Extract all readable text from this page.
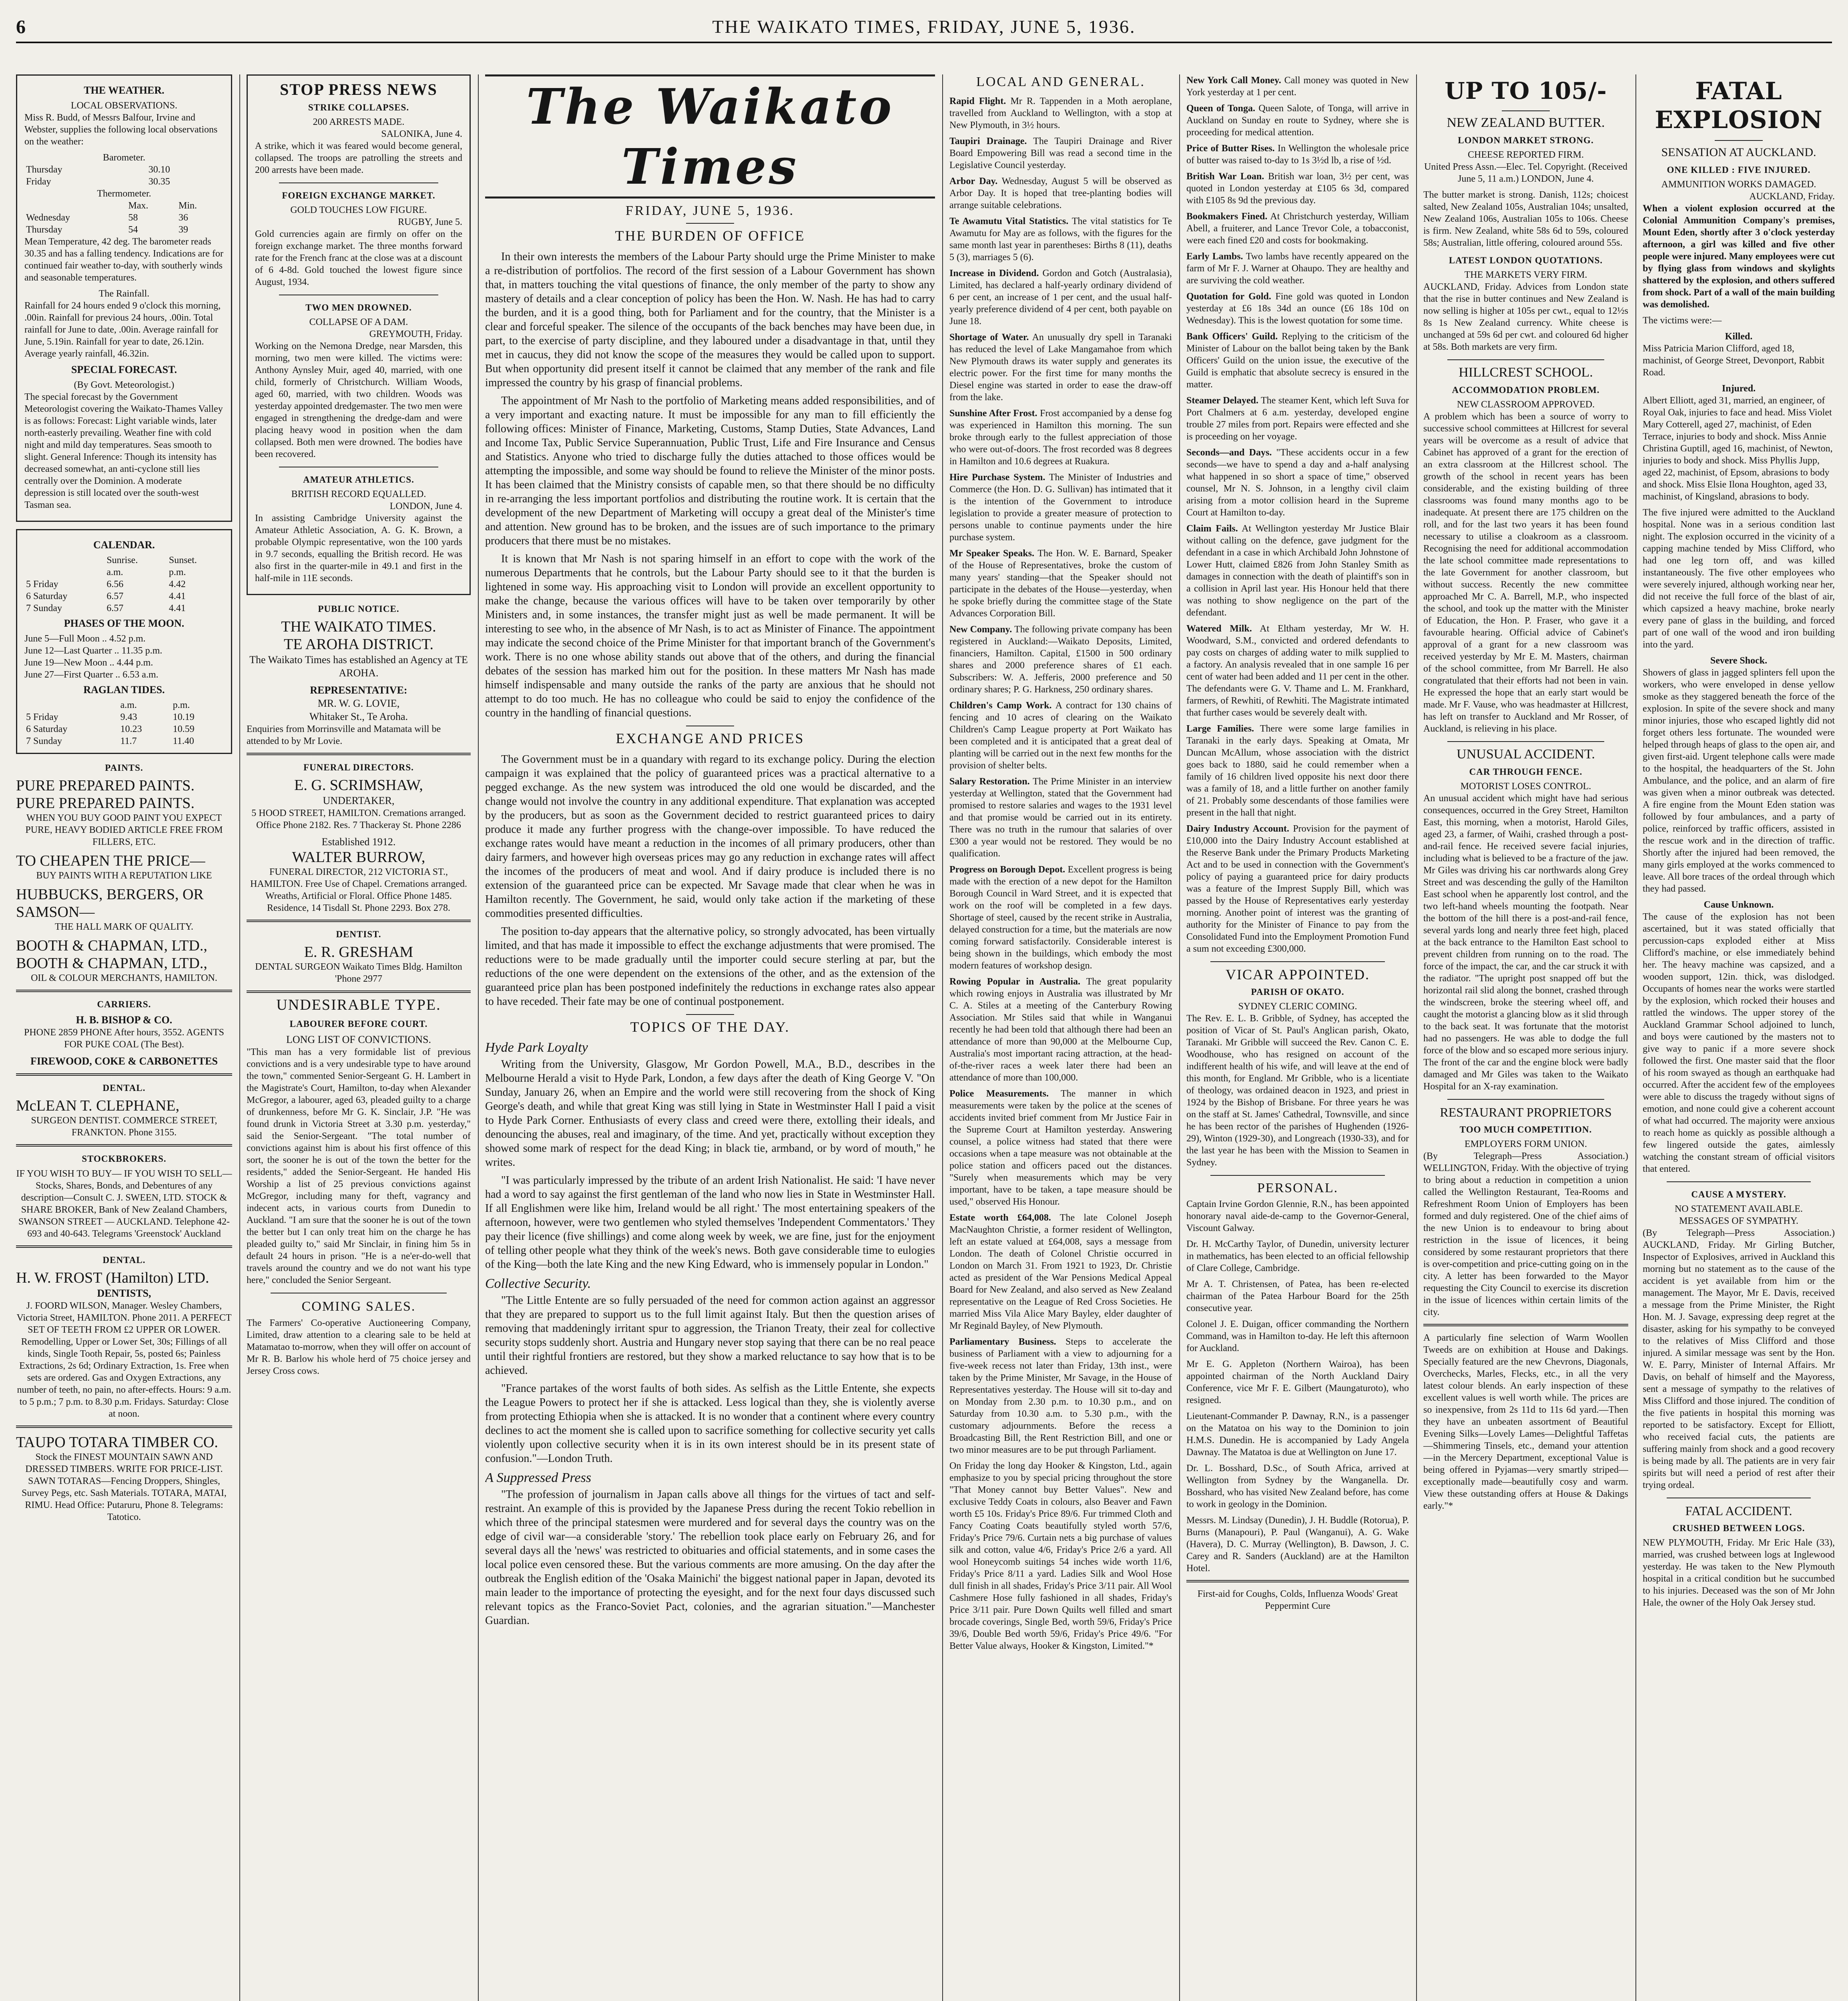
6	THE WAIKATO TIMES, FRIDAY, JUNE 5, 1936.
THE WEATHER.
LOCAL OBSERVATIONS.

Miss R. Budd, of Messrs Balfour, Irvine and Webster, supplies the following local observations on the weather:

Barometer.
Thursday	30.10
Friday	30.35
Thermometer.
	Max.	Min.
Wednesday	58	36
Thursday	54	39

Mean Temperature, 42 deg. The barometer reads 30.35 and has a falling tendency. Indications are for continued fair weather to-day, with southerly winds and seasonable temperatures.

The Rainfall.

Rainfall for 24 hours ended 9 o'clock this morning, .00in. Rainfall for previous 24 hours, .00in. Total rainfall for June to date, .00in. Average rainfall for June, 5.19in. Rainfall for year to date, 26.12in. Average yearly rainfall, 46.32in.

SPECIAL FORECAST.
(By Govt. Meteorologist.)

The special forecast by the Government Meteorologist covering the Waikato-Thames Valley is as follows: Forecast: Light variable winds, later north-easterly prevailing. Weather fine with cold night and mild day temperatures. Seas smooth to slight. General Inference: Though its intensity has decreased somewhat, an anti-cyclone still lies centrally over the Dominion. A moderate depression is still located over the south-west Tasman sea.

CALENDAR.
	Sunrise.	Sunset.
	a.m.	p.m.
5 Friday	6.56	4.42
6 Saturday	6.57	4.41
7 Sunday	6.57	4.41
PHASES OF THE MOON.
June 5—Full Moon .. 4.52 p.m.
June 12—Last Quarter .. 11.35 p.m.
June 19—New Moon .. 4.44 p.m.
June 27—First Quarter .. 6.53 a.m.
RAGLAN TIDES.
	a.m.	p.m.
5 Friday	9.43	10.19
6 Saturday	10.23	10.59
7 Sunday	11.7	11.40
PAINTS.
PURE PREPARED PAINTS.
PURE PREPARED PAINTS.

WHEN YOU BUY GOOD PAINT YOU EXPECT PURE, HEAVY BODIED ARTICLE FREE FROM FILLERS, ETC.

TO CHEAPEN THE PRICE—

BUY PAINTS WITH A REPUTATION LIKE

HUBBUCKS, BERGERS, OR SAMSON—

THE HALL MARK OF QUALITY.

BOOTH & CHAPMAN, LTD.,
BOOTH & CHAPMAN, LTD.,

OIL & COLOUR MERCHANTS, HAMILTON.

CARRIERS.
H. B. BISHOP & CO.

PHONE 2859 PHONE After hours, 3552. AGENTS FOR PUKE COAL (The Best).

FIREWOOD, COKE & CARBONETTES
DENTAL.
McLEAN T. CLEPHANE,

SURGEON DENTIST. COMMERCE STREET, FRANKTON. Phone 3155.

STOCKBROKERS.

IF YOU WISH TO BUY— IF YOU WISH TO SELL— Stocks, Shares, Bonds, and Debentures of any description—Consult C. J. SWEEN, LTD. STOCK & SHARE BROKER, Bank of New Zealand Chambers, SWANSON STREET — AUCKLAND. Telephone 42-693 and 40-643. Telegrams 'Greenstock' Auckland

DENTAL.
H. W. FROST (Hamilton) LTD.
DENTISTS,

J. FOORD WILSON, Manager. Wesley Chambers, Victoria Street, HAMILTON. Phone 2011. A PERFECT SET OF TEETH FROM £2 UPPER OR LOWER. Remodelling, Upper or Lower Set, 30s; Fillings of all kinds, Single Tooth Repair, 5s, posted 6s; Painless Extractions, 2s 6d; Ordinary Extraction, 1s. Free when sets are ordered. Gas and Oxygen Extractions, any number of teeth, no pain, no after-effects. Hours: 9 a.m. to 5 p.m.; 7 p.m. to 8.30 p.m. Fridays. Saturday: Close at noon.

TAUPO TOTARA TIMBER CO.

Stock the FINEST MOUNTAIN SAWN AND DRESSED TIMBERS. WRITE FOR PRICE-LIST. SAWN TOTARAS—Fencing Droppers, Shingles, Survey Pegs, etc. Sash Materials. TOTARA, MATAI, RIMU. Head Office: Putaruru, Phone 8. Telegrams: Tatotico.

STOP PRESS NEWS
STRIKE COLLAPSES.
200 ARRESTS MADE.
SALONIKA, June 4.

A strike, which it was feared would become general, collapsed. The troops are patrolling the streets and 200 arrests have been made.

FOREIGN EXCHANGE MARKET.
GOLD TOUCHES LOW FIGURE.
RUGBY, June 5.

Gold currencies again are firmly on offer on the foreign exchange market. The three months forward rate for the French franc at the close was at a discount of 6 4-8d. Gold touched the lowest figure since August, 1934.

TWO MEN DROWNED.
COLLAPSE OF A DAM.
GREYMOUTH, Friday.

Working on the Nemona Dredge, near Marsden, this morning, two men were killed. The victims were: Anthony Aynsley Muir, aged 40, married, with one child, formerly of Christchurch. William Woods, aged 60, married, with two children. Woods was yesterday appointed dredgemaster. The two men were engaged in strengthening the dredge-dam and were placing heavy wood in position when the dam collapsed. Both men were drowned. The bodies have been recovered.

AMATEUR ATHLETICS.
BRITISH RECORD EQUALLED.
LONDON, June 4.

In assisting Cambridge University against the Amateur Athletic Association, A. G. K. Brown, a probable Olympic representative, won the 100 yards in 9.7 seconds, equalling the British record. He was also first in the quarter-mile in 49.1 and first in the half-mile in 11E seconds.

PUBLIC NOTICE.
THE WAIKATO TIMES.
TE AROHA DISTRICT.

The Waikato Times has established an Agency at TE AROHA.

REPRESENTATIVE:
MR. W. G. LOVIE,
Whitaker St., Te Aroha.

Enquiries from Morrinsville and Matamata will be attended to by Mr Lovie.

FUNERAL DIRECTORS.
E. G. SCRIMSHAW,
UNDERTAKER,

5 HOOD STREET, HAMILTON. Cremations arranged. Office Phone 2182. Res. 7 Thackeray St. Phone 2286

Established 1912.
WALTER BURROW,

FUNERAL DIRECTOR, 212 VICTORIA ST., HAMILTON. Free Use of Chapel. Cremations arranged. Wreaths, Artificial or Floral. Office Phone 1485. Residence, 14 Tisdall St. Phone 2293. Box 278.

DENTIST.
E. R. GRESHAM

DENTAL SURGEON Waikato Times Bldg. Hamilton 'Phone 2977

UNDESIRABLE TYPE.
LABOURER BEFORE COURT.
LONG LIST OF CONVICTIONS.

"This man has a very formidable list of previous convictions and is a very undesirable type to have around the town," commented Senior-Sergeant G. H. Lambert in the Magistrate's Court, Hamilton, to-day when Alexander McGregor, a labourer, aged 63, pleaded guilty to a charge of drunkenness, before Mr G. K. Sinclair, J.P. "He was found drunk in Victoria Street at 3.30 p.m. yesterday," said the Senior-Sergeant. "The total number of convictions against him is about his first offence of this sort, the sooner he is out of the town the better for the residents," added the Senior-Sergeant. He handed His Worship a list of 25 previous convictions against McGregor, including many for theft, vagrancy and indecent acts, in various courts from Dunedin to Auckland. "I am sure that the sooner he is out of the town the better but I can only treat him on the charge he has pleaded guilty to," said Mr Sinclair, in fining him 5s in default 24 hours in prison. "He is a ne'er-do-well that travels around the country and we do not want his type here," concluded the Senior Sergeant.

COMING SALES.

The Farmers' Co-operative Auctioneering Company, Limited, draw attention to a clearing sale to be held at Matamatao to-morrow, when they will offer on account of Mr R. B. Barlow his whole herd of 75 choice jersey and Jersey Cross cows.

The Waikato Times
FRIDAY, JUNE 5, 1936.
THE BURDEN OF OFFICE

In their own interests the members of the Labour Party should urge the Prime Minister to make a re-distribution of portfolios. The record of the first session of a Labour Government has shown that, in matters touching the vital questions of finance, the only member of the party to show any mastery of details and a clear conception of policy has been the Hon. W. Nash. He has had to carry the burden, and it is a good thing, both for Parliament and for the country, that the Minister is a clear and forceful speaker. The silence of the occupants of the back benches may have been due, in part, to the exercise of party discipline, and they laboured under a disadvantage in that, until they met in caucus, they did not know the scope of the measures they would be called upon to support. But when opportunity did present itself it cannot be claimed that any member of the rank and file impressed the country by his grasp of financial problems.

The appointment of Mr Nash to the portfolio of Marketing means added responsibilities, and of a very important and exacting nature. It must be impossible for any man to fill efficiently the following offices: Minister of Finance, Marketing, Customs, Stamp Duties, State Advances, Land and Income Tax, Public Service Superannuation, Public Trust, Life and Fire Insurance and Census and Statistics. Anyone who tried to discharge fully the duties attached to those offices would be attempting the impossible, and some way should be found to relieve the Minister of the minor posts. It has been claimed that the Ministry consists of capable men, so that there should be no difficulty in re-arranging the less important portfolios and distributing the routine work. It is certain that the development of the new Department of Marketing will occupy a great deal of the Minister's time and attention. New ground has to be broken, and the issues are of such importance to the primary producers that there must be no mistakes.

It is known that Mr Nash is not sparing himself in an effort to cope with the work of the numerous Departments that he controls, but the Labour Party should see to it that the burden is lightened in some way. His approaching visit to London will provide an excellent opportunity to make the change, because the various offices will have to be taken over temporarily by other Ministers and, in some instances, the transfer might just as well be made permanent. It will be interesting to see who, in the absence of Mr Nash, is to act as Minister of Finance. The appointment may indicate the second choice of the Prime Minister for that important branch of the Government's work. There is no one whose ability stands out above that of the others, and during the financial debates of the session has marked him out for the position. In these matters Mr Nash has made himself indispensable and many outside the ranks of the party are anxious that he should not attempt to do too much. He has no colleague who could be said to enjoy the confidence of the country in the handling of financial questions.

EXCHANGE AND PRICES

The Government must be in a quandary with regard to its exchange policy. During the election campaign it was explained that the policy of guaranteed prices was a practical alternative to a pegged exchange. As the new system was introduced the old one would be discarded, and the change would not involve the country in any additional expenditure. That explanation was accepted by the producers, but as soon as the Government decided to restrict guaranteed prices to dairy produce it made any further progress with the change-over impossible. To have reduced the exchange rates would have meant a reduction in the incomes of all primary producers, other than dairy farmers, and however high overseas prices may go any reduction in exchange rates will affect the incomes of the producers of meat and wool. And if dairy produce is included there is no extension of the guaranteed price can be expected. Mr Savage made that clear when he was in Hamilton recently. The Government, he said, would only take action if the marketing of these commodities presented difficulties.

The position to-day appears that the alternative policy, so strongly advocated, has been virtually limited, and that has made it impossible to effect the exchange adjustments that were promised. The reductions were to be made gradually until the importer could secure sterling at par, but the reductions of the one were dependent on the extensions of the other, and as the extension of the guaranteed price plan has been postponed indefinitely the reductions in exchange rates also appear to have receded. Their fate may be one of continual postponement.

TOPICS OF THE DAY.
Hyde Park Loyalty

Writing from the University, Glasgow, Mr Gordon Powell, M.A., B.D., describes in the Melbourne Herald a visit to Hyde Park, London, a few days after the death of King George V. "On Sunday, January 26, when an Empire and the world were still recovering from the shock of King George's death, and while that great King was still lying in State in Westminster Hall I paid a visit to Hyde Park Corner. Enthusiasts of every class and creed were there, extolling their ideals, and denouncing the abuses, real and imaginary, of the time. And yet, practically without exception they showed some mark of respect for the dead King; in black tie, armband, or by word of mouth," he writes.

"I was particularly impressed by the tribute of an ardent Irish Nationalist. He said: 'I have never had a word to say against the first gentleman of the land who now lies in State in Westminster Hall. If all Englishmen were like him, Ireland would be all right.' The most entertaining speakers of the afternoon, however, were two gentlemen who styled themselves 'Independent Commentators.' They pay their licence (five shillings) and come along week by week, we are fine, just for the enjoyment of telling other people what they think of the week's news. Both gave considerable time to eulogies of the King—both the late King and the new King Edward, who is immensely popular in London."

Collective Security.

"The Little Entente are so fully persuaded of the need for common action against an aggressor that they are prepared to support us to the full limit against Italy. But then the question arises of removing that maddeningly irritant spur to aggression, the Trianon Treaty, their zeal for collective security stops suddenly short. Austria and Hungary never stop saying that there can be no real peace until their rightful frontiers are restored, but they show a marked reluctance to say how that is to be achieved.

"France partakes of the worst faults of both sides. As selfish as the Little Entente, she expects the League Powers to protect her if she is attacked. Less logical than they, she is violently averse from protecting Ethiopia when she is attacked. It is no wonder that a continent where every country declines to act the moment she is called upon to sacrifice something for collective security yet calls violently upon collective security when it is in its own interest should be in its present state of confusion."—London Truth.

A Suppressed Press

"The profession of journalism in Japan calls above all things for the virtues of tact and self-restraint. An example of this is provided by the Japanese Press during the recent Tokio rebellion in which three of the principal statesmen were murdered and for several days the country was on the edge of civil war—a considerable 'story.' The rebellion took place early on February 26, and for several days all the 'news' was restricted to obituaries and official statements, and in some cases the local police even censored these. But the various comments are more amusing. On the day after the outbreak the English edition of the 'Osaka Mainichi' the biggest national paper in Japan, devoted its main leader to the importance of protecting the eyesight, and for the next four days discussed such relevant topics as the Franco-Soviet Pact, colonies, and the agrarian situation."—Manchester Guardian.

LOCAL AND GENERAL.

Rapid Flight. Mr R. Tappenden in a Moth aeroplane, travelled from Auckland to Wellington, with a stop at New Plymouth, in 3½ hours.

Taupiri Drainage. The Taupiri Drainage and River Board Empowering Bill was read a second time in the Legislative Council yesterday.

Arbor Day. Wednesday, August 5 will be observed as Arbor Day. It is hoped that tree-planting bodies will arrange suitable celebrations.

Te Awamutu Vital Statistics. The vital statistics for Te Awamutu for May are as follows, with the figures for the same month last year in parentheses: Births 8 (11), deaths 5 (3), marriages 5 (6).

Increase in Dividend. Gordon and Gotch (Australasia), Limited, has declared a half-yearly ordinary dividend of 6 per cent, an increase of 1 per cent, and the usual half-yearly preference dividend of 4 per cent, both payable on June 18.

Shortage of Water. An unusually dry spell in Taranaki has reduced the level of Lake Mangamahoe from which New Plymouth draws its water supply and generates its electric power. For the first time for many months the Diesel engine was started in order to ease the draw-off from the lake.

Sunshine After Frost. Frost accompanied by a dense fog was experienced in Hamilton this morning. The sun broke through early to the fullest appreciation of those who were out-of-doors. The frost recorded was 8 degrees in Hamilton and 10.6 degrees at Ruakura.

Hire Purchase System. The Minister of Industries and Commerce (the Hon. D. G. Sullivan) has intimated that it is the intention of the Government to introduce legislation to provide a greater measure of protection to persons unable to continue payments under the hire purchase system.

Mr Speaker Speaks. The Hon. W. E. Barnard, Speaker of the House of Representatives, broke the custom of many years' standing—that the Speaker should not participate in the debates of the House—yesterday, when he spoke briefly during the committee stage of the State Advances Corporation Bill.

New Company. The following private company has been registered in Auckland:—Waikato Deposits, Limited, financiers, Hamilton. Capital, £1500 in 500 ordinary shares and 2000 preference shares of £1 each. Subscribers: W. A. Jefferis, 2000 preference and 50 ordinary shares; P. G. Harkness, 250 ordinary shares.

Children's Camp Work. A contract for 130 chains of fencing and 10 acres of clearing on the Waikato Children's Camp League property at Port Waikato has been completed and it is anticipated that a great deal of planting will be carried out in the next few months for the provision of shelter belts.

Salary Restoration. The Prime Minister in an interview yesterday at Wellington, stated that the Government had promised to restore salaries and wages to the 1931 level and that promise would be carried out in its entirety. There was no truth in the rumour that salaries of over £300 a year would not be restored. They would be no qualification.

Progress on Borough Depot. Excellent progress is being made with the erection of a new depot for the Hamilton Borough Council in Ward Street, and it is expected that work on the roof will be completed in a few days. Shortage of steel, caused by the recent strike in Australia, delayed construction for a time, but the materials are now coming forward satisfactorily. Considerable interest is being shown in the buildings, which embody the most modern features of workshop design.

Rowing Popular in Australia. The great popularity which rowing enjoys in Australia was illustrated by Mr C. A. Stiles at a meeting of the Canterbury Rowing Association. Mr Stiles said that while in Wanganui recently he had been told that although there had been an attendance of more than 90,000 at the Melbourne Cup, Australia's most important racing attraction, at the head-of-the-river races a week later there had been an attendance of more than 100,000.

Police Measurements. The manner in which measurements were taken by the police at the scenes of accidents invited brief comment from Mr Justice Fair in the Supreme Court at Hamilton yesterday. Answering counsel, a police witness had stated that there were occasions when a tape measure was not obtainable at the police station and officers paced out the distances. "Surely when measurements which may be very important, have to be taken, a tape measure should be used," observed His Honour.

Estate worth £64,008. The late Colonel Joseph MacNaughton Christie, a former resident of Wellington, left an estate valued at £64,008, says a message from London. The death of Colonel Christie occurred in London on March 31. From 1921 to 1923, Dr. Christie acted as president of the War Pensions Medical Appeal Board for New Zealand, and also served as New Zealand representative on the League of Red Cross Societies. He married Miss Vila Alice Mary Bayley, elder daughter of Mr Reginald Bayley, of New Plymouth.

Parliamentary Business. Steps to accelerate the business of Parliament with a view to adjourning for a five-week recess not later than Friday, 13th inst., were taken by the Prime Minister, Mr Savage, in the House of Representatives yesterday. The House will sit to-day and on Monday from 2.30 p.m. to 10.30 p.m., and on Saturday from 10.30 a.m. to 5.30 p.m., with the customary adjournments. Before the recess a Broadcasting Bill, the Rent Restriction Bill, and one or two minor measures are to be put through Parliament.

On Friday the long day Hooker & Kingston, Ltd., again emphasize to you by special pricing throughout the store "That Money cannot buy Better Values". New and exclusive Teddy Coats in colours, also Beaver and Fawn worth £5 10s. Friday's Price 89/6. Fur trimmed Cloth and Fancy Coating Coats beautifully styled worth 57/6, Friday's Price 79/6. Curtain nets a big purchase of values silk and cotton, value 4/6, Friday's Price 2/6 a yard. All wool Honeycomb suitings 54 inches wide worth 11/6, Friday's Price 8/11 a yard. Ladies Silk and Wool Hose dull finish in all shades, Friday's Price 3/11 pair. All Wool Cashmere Hose fully fashioned in all shades, Friday's Price 3/11 pair. Pure Down Quilts well filled and smart brocade coverings, Single Bed, worth 59/6, Friday's Price 39/6, Double Bed worth 59/6, Friday's Price 49/6. "For Better Value always, Hooker & Kingston, Limited."*

New York Call Money. Call money was quoted in New York yesterday at 1 per cent.

Queen of Tonga. Queen Salote, of Tonga, will arrive in Auckland on Sunday en route to Sydney, where she is proceeding for medical attention.

Price of Butter Rises. In Wellington the wholesale price of butter was raised to-day to 1s 3½d lb, a rise of ½d.

British War Loan. British war loan, 3½ per cent, was quoted in London yesterday at £105 6s 3d, compared with £105 8s 9d the previous day.

Bookmakers Fined. At Christchurch yesterday, William Abell, a fruiterer, and Lance Trevor Cole, a tobacconist, were each fined £20 and costs for bookmaking.

Early Lambs. Two lambs have recently appeared on the farm of Mr F. J. Warner at Ohaupo. They are healthy and are surviving the cold weather.

Quotation for Gold. Fine gold was quoted in London yesterday at £6 18s 34d an ounce (£6 18s 10d on Wednesday). This is the lowest quotation for some time.

Bank Officers' Guild. Replying to the criticism of the Minister of Labour on the ballot being taken by the Bank Officers' Guild on the union issue, the executive of the Guild is emphatic that absolute secrecy is ensured in the matter.

Steamer Delayed. The steamer Kent, which left Suva for Port Chalmers at 6 a.m. yesterday, developed engine trouble 27 miles from port. Repairs were effected and she is proceeding on her voyage.

Seconds—and Days. "These accidents occur in a few seconds—we have to spend a day and a-half analysing what happened in so short a space of time," observed counsel, Mr N. S. Johnson, in a lengthy civil claim arising from a motor collision heard in the Supreme Court at Hamilton to-day.

Claim Fails. At Wellington yesterday Mr Justice Blair without calling on the defence, gave judgment for the defendant in a case in which Archibald John Johnstone of Lower Hutt, claimed £826 from John Stanley Smith as damages in connection with the death of plaintiff's son in a collision in April last year. His Honour held that there was nothing to show negligence on the part of the defendant.

Watered Milk. At Eltham yesterday, Mr W. H. Woodward, S.M., convicted and ordered defendants to pay costs on charges of adding water to milk supplied to a factory. An analysis revealed that in one sample 16 per cent of water had been added and 11 per cent in the other. The defendants were G. V. Thame and L. M. Frankhard, farmers, of Rewhiti, of Rewhiti. The Magistrate intimated that further cases would be severely dealt with.

Large Families. There were some large families in Taranaki in the early days. Speaking at Omata, Mr Duncan McAllum, whose association with the district goes back to 1880, said he could remember when a family of 16 children lived opposite his next door there was a family of 18, and a little further on another family of 21. Probably some descendants of those families were present in the hall that night.

Dairy Industry Account. Provision for the payment of £10,000 into the Dairy Industry Account established at the Reserve Bank under the Primary Products Marketing Act and to be used in connection with the Government's policy of paying a guaranteed price for dairy products was a feature of the Imprest Supply Bill, which was passed by the House of Representatives early yesterday morning. Another point of interest was the granting of authority for the Minister of Finance to pay from the Consolidated Fund into the Employment Promotion Fund a sum not exceeding £300,000.

VICAR APPOINTED.
PARISH OF OKATO.
SYDNEY CLERIC COMING.

The Rev. E. L. B. Gribble, of Sydney, has accepted the position of Vicar of St. Paul's Anglican parish, Okato, Taranaki. Mr Gribble will succeed the Rev. Canon C. E. Woodhouse, who has resigned on account of the indifferent health of his wife, and will leave at the end of this month, for England. Mr Gribble, who is a licentiate of theology, was ordained deacon in 1923, and priest in 1924 by the Bishop of Brisbane. For three years he was on the staff at St. James' Cathedral, Townsville, and since he has been rector of the parishes of Hughenden (1926-29), Winton (1929-30), and Longreach (1930-33), and for the last year he has been with the Mission to Seamen in Sydney.

PERSONAL.

Captain Irvine Gordon Glennie, R.N., has been appointed honorary naval aide-de-camp to the Governor-General, Viscount Galway.

Dr. H. McCarthy Taylor, of Dunedin, university lecturer in mathematics, has been elected to an official fellowship of Clare College, Cambridge.

Mr A. T. Christensen, of Patea, has been re-elected chairman of the Patea Harbour Board for the 25th consecutive year.

Colonel J. E. Duigan, officer commanding the Northern Command, was in Hamilton to-day. He left this afternoon for Auckland.

Mr E. G. Appleton (Northern Wairoa), has been appointed chairman of the North Auckland Dairy Conference, vice Mr F. E. Gilbert (Maungaturoto), who resigned.

Lieutenant-Commander P. Dawnay, R.N., is a passenger on the Matatoa on his way to the Dominion to join H.M.S. Dunedin. He is accompanied by Lady Angela Dawnay. The Matatoa is due at Wellington on June 17.

Dr. L. Bosshard, D.Sc., of South Africa, arrived at Wellington from Sydney by the Wanganella. Dr. Bosshard, who has visited New Zealand before, has come to work in geology in the Dominion.

Messrs. M. Lindsay (Dunedin), J. H. Buddle (Rotorua), P. Burns (Manapouri), P. Paul (Wanganui), A. G. Wake (Havera), D. C. Murray (Wellington), B. Dawson, J. C. Carey and R. Sanders (Auckland) are at the Hamilton Hotel.

First-aid for Coughs, Colds, Influenza Woods' Great Peppermint Cure

UP TO 105/-
NEW ZEALAND BUTTER.
LONDON MARKET STRONG.
CHEESE REPORTED FIRM.

United Press Assn.—Elec. Tel. Copyright. (Received June 5, 11 a.m.) LONDON, June 4.

The butter market is strong. Danish, 112s; choicest salted, New Zealand 105s, Australian 104s; unsalted, New Zealand 106s, Australian 105s to 106s. Cheese is firm. New Zealand, white 58s 6d to 59s, coloured 58s; Australian, little offering, coloured around 55s.

LATEST LONDON QUOTATIONS.
THE MARKETS VERY FIRM.

AUCKLAND, Friday. Advices from London state that the rise in butter continues and New Zealand is now selling is higher at 105s per cwt., equal to 12½s 8s 1s New Zealand currency. White cheese is unchanged at 59s 6d per cwt. and coloured 6d higher at 58s. Both markets are very firm.

HILLCREST SCHOOL.
ACCOMMODATION PROBLEM.
NEW CLASSROOM APPROVED.

A problem which has been a source of worry to successive school committees at Hillcrest for several years will be overcome as a result of advice that Cabinet has approved of a grant for the erection of an extra classroom at the Hillcrest school. The growth of the school in recent years has been considerable, and the existing building of three classrooms was found many months ago to be inadequate. At present there are 175 children on the roll, and for the last two years it has been found necessary to utilise a cloakroom as a classroom. Recognising the need for additional accommodation the late school committee made representations to the late Government for another classroom, but without success. Recently the new committee approached Mr C. A. Barrell, M.P., who inspected the school, and took up the matter with the Minister of Education, the Hon. P. Fraser, who gave it a favourable hearing. Official advice of Cabinet's approval of a grant for a new classroom was received yesterday by Mr E. M. Masters, chairman of the school committee, from Mr Barrell. He also congratulated that their efforts had not been in vain. He expressed the hope that an early start would be made. Mr F. Vause, who was headmaster at Hillcrest, has left on transfer to Auckland and Mr Rosser, of Auckland, is relieving in his place.

UNUSUAL ACCIDENT.
CAR THROUGH FENCE.
MOTORIST LOSES CONTROL.

An unusual accident which might have had serious consequences, occurred in the Grey Street, Hamilton East, this morning, when a motorist, Harold Giles, aged 23, a farmer, of Waihi, crashed through a post-and-rail fence. He received severe facial injuries, including what is believed to be a fracture of the jaw. Mr Giles was driving his car northwards along Grey Street and was descending the gully of the Hamilton East school when he apparently lost control, and the two left-hand wheels mounting the footpath. Near the bottom of the hill there is a post-and-rail fence, several yards long and nearly three feet high, placed at the back entrance to the Hamilton East school to prevent children from running on to the road. The force of the impact, the car, and the car struck it with the radiator. "The upright post snapped off but the horizontal rail slid along the bonnet, crashed through the windscreen, broke the steering wheel off, and caught the motorist a glancing blow as it slid through to the back seat. It was fortunate that the motorist had no passengers. He was able to dodge the full force of the blow and so escaped more serious injury. The front of the car and the engine block were badly damaged and Mr Giles was taken to the Waikato Hospital for an X-ray examination.

RESTAURANT PROPRIETORS
TOO MUCH COMPETITION.
EMPLOYERS FORM UNION.

(By Telegraph—Press Association.) WELLINGTON, Friday. With the objective of trying to bring about a reduction in competition a union called the Wellington Restaurant, Tea-Rooms and Refreshment Room Union of Employers has been formed and duly registered. One of the chief aims of the new Union is to endeavour to bring about restriction in the issue of licences, it being considered by some restaurant proprietors that there is over-competition and price-cutting going on in the city. A letter has been forwarded to the Mayor requesting the City Council to exercise its discretion in the issue of licences within certain limits of the city.

A particularly fine selection of Warm Woollen Tweeds are on exhibition at House and Dakings. Specially featured are the new Chevrons, Diagonals, Overchecks, Marles, Flecks, etc., in all the very latest colour blends. An early inspection of these excellent values is well worth while. The prices are so inexpensive, from 2s 11d to 11s 6d yard.—Then they have an unbeaten assortment of Beautiful Evening Silks—Lovely Lames—Delightful Taffetas—Shimmering Tinsels, etc., demand your attention—in the Mercery Department, exceptional Value is being offered in Pyjamas—very smartly striped—exceptionally made—beautifully cosy and warm. View these outstanding offers at House & Dakings early."*

FATAL EXPLOSION
SENSATION AT AUCKLAND.
ONE KILLED : FIVE INJURED.
AMMUNITION WORKS DAMAGED.
AUCKLAND, Friday.

When a violent explosion occurred at the Colonial Ammunition Company's premises, Mount Eden, shortly after 3 o'clock yesterday afternoon, a girl was killed and five other people were injured. Many employees were cut by flying glass from windows and skylights shattered by the explosion, and others suffered from shock. Part of a wall of the main building was demolished.

The victims were:—

Killed.

Miss Patricia Marion Clifford, aged 18, machinist, of George Street, Devonport, Rabbit Road.

Injured.

Albert Elliott, aged 31, married, an engineer, of Royal Oak, injuries to face and head. Miss Violet Mary Cotterell, aged 27, machinist, of Eden Terrace, injuries to body and shock. Miss Annie Christina Guptill, aged 16, machinist, of Newton, injuries to body and shock. Miss Phyllis Jupp, aged 22, machinist, of Epsom, abrasions to body and shock. Miss Elsie Ilona Houghton, aged 33, machinist, of Kingsland, abrasions to body.

The five injured were admitted to the Auckland hospital. None was in a serious condition last night. The explosion occurred in the vicinity of a capping machine tended by Miss Clifford, who had one leg torn off, and was killed instantaneously. The five other employees who were severely injured, although working near her, did not receive the full force of the blast of air, which capsized a heavy machine, broke nearly every pane of glass in the building, and forced part of one wall of the wood and iron building into the yard.

Severe Shock.

Showers of glass in jagged splinters fell upon the workers, who were enveloped in dense yellow smoke as they staggered beneath the force of the explosion. In spite of the severe shock and many minor injuries, those who escaped lightly did not forget others less fortunate. The wounded were helped through heaps of glass to the open air, and given first-aid. Urgent telephone calls were made to the hospital, the headquarters of the St. John Ambulance, and the police, and an alarm of fire was given when a minor outbreak was detected. A fire engine from the Mount Eden station was followed by four ambulances, and a party of police, reinforced by traffic officers, assisted in the rescue work and in the direction of traffic. Shortly after the injured had been removed, the many girls employed at the works commenced to leave. All bore traces of the ordeal through which they had passed.

Cause Unknown.

The cause of the explosion has not been ascertained, but it was stated officially that percussion-caps exploded either at Miss Clifford's machine, or else immediately behind her. The heavy machine was capsized, and a wooden support, 12in. thick, was dislodged. Occupants of homes near the works were startled by the explosion, which rocked their houses and rattled the windows. The upper storey of the Auckland Grammar School adjoined to lunch, and boys were cautioned by the masters not to give way to panic if a more severe shock followed the first. One master said that the floor of his room swayed as though an earthquake had occurred. After the accident few of the employees were able to discuss the tragedy without signs of emotion, and none could give a coherent account of what had occurred. The majority were anxious to reach home as quickly as possible although a few lingered outside the gates, aimlessly watching the constant stream of official visitors that entered.

CAUSE A MYSTERY.
NO STATEMENT AVAILABLE.
MESSAGES OF SYMPATHY.

(By Telegraph—Press Association.) AUCKLAND, Friday. Mr Girling Butcher, Inspector of Explosives, arrived in Auckland this morning but no statement as to the cause of the accident is yet available from him or the management. The Mayor, Mr E. Davis, received a message from the Prime Minister, the Right Hon. M. J. Savage, expressing deep regret at the disaster, asking for his sympathy to be conveyed to the relatives of Miss Clifford and those injured. A similar message was sent by the Hon. W. E. Parry, Minister of Internal Affairs. Mr Davis, on behalf of himself and the Mayoress, sent a message of sympathy to the relatives of Miss Clifford and those injured. The condition of the five patients in hospital this morning was reported to be satisfactory. Except for Elliott, who received facial cuts, the patients are suffering mainly from shock and a good recovery is being made by all. The patients are in very fair spirits but will need a period of rest after their trying ordeal.

FATAL ACCIDENT.
CRUSHED BETWEEN LOGS.

NEW PLYMOUTH, Friday. Mr Eric Hale (33), married, was crushed between logs at Inglewood yesterday. He was taken to the New Plymouth hospital in a critical condition but he succumbed to his injuries. Deceased was the son of Mr John Hale, the owner of the Holy Oak Jersey stud.
